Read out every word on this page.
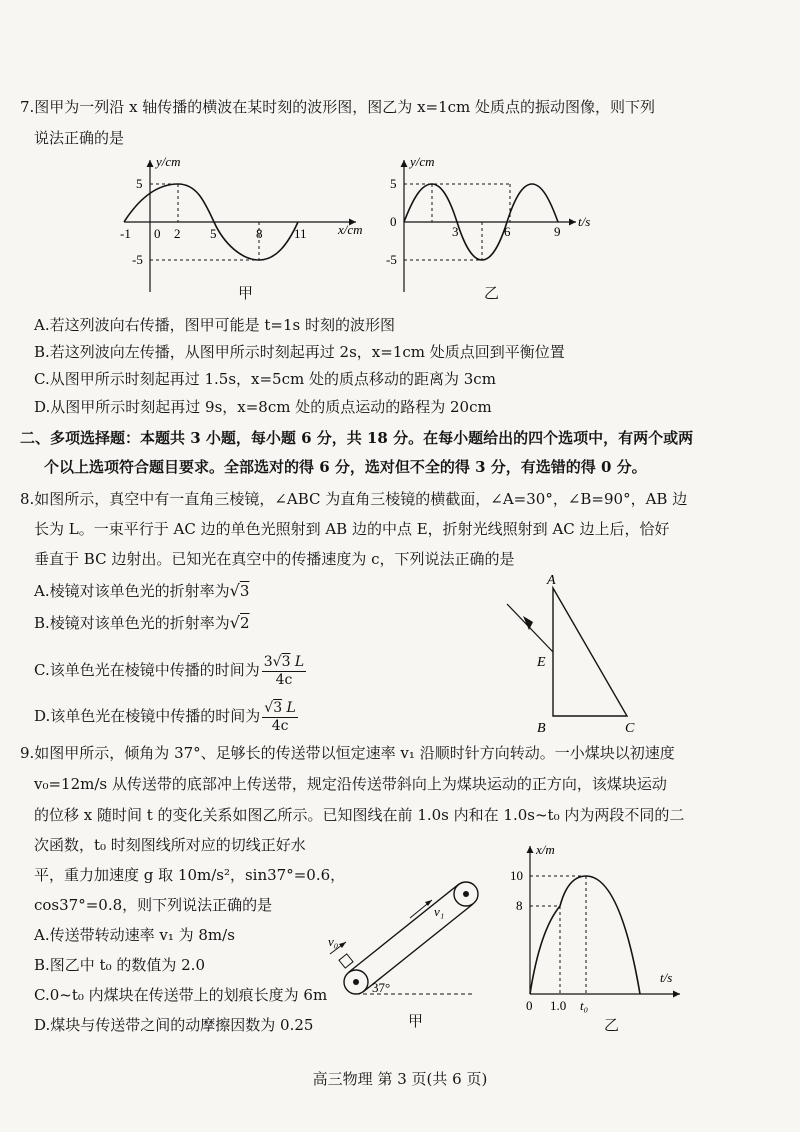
7.图甲为一列沿 x 轴传播的横波在某时刻的波形图，图乙为 x=1cm 处质点的振动图像，则下列
说法正确的是
y/cm
x/cm
5
-5
-1 0 2 5	8 11
甲
y/cm
t/s
5
-5
0
3	6	9
乙
A.若这列波向右传播，图甲可能是 t=1s 时刻的波形图
B.若这列波向左传播，从图甲所示时刻起再过 2s，x=1cm 处质点回到平衡位置
C.从图甲所示时刻起再过 1.5s，x=5cm 处的质点移动的距离为 3cm
D.从图甲所示时刻起再过 9s，x=8cm 处的质点运动的路程为 20cm
二、多项选择题：本题共 3 小题，每小题 6 分，共 18 分。在每小题给出的四个选项中，有两个或两
个以上选项符合题目要求。全部选对的得 6 分，选对但不全的得 3 分，有选错的得 0 分。
8.如图所示，真空中有一直角三棱镜，∠ABC 为直角三棱镜的横截面，∠A=30°，∠B=90°，AB 边
长为 L。一束平行于 AC 边的单色光照射到 AB 边的中点 E，折射光线照射到 AC 边上后，恰好
垂直于 BC 边射出。已知光在真空中的传播速度为 c，下列说法正确的是
A.棱镜对该单色光的折射率为√3
B.棱镜对该单色光的折射率为√2
C.该单色光在棱镜中传播的时间为 $\frac{3√3 L}{4c}$
D.该单色光在棱镜中传播的时间为 $\frac{√3 L}{4c}$
A
E
B	C
9.如图甲所示，倾角为 37°、足够长的传送带以恒定速率 v₁ 沿顺时针方向转动。一小煤块以初速度
v₀=12m/s 从传送带的底部冲上传送带，规定沿传送带斜向上为煤块运动的正方向，该煤块运动
的位移 x 随时间 t 的变化关系如图乙所示。已知图线在前 1.0s 内和在 1.0s~t₀ 内为两段不同的二
次函数，t₀ 时刻图线所对应的切线正好水
平，重力加速度 g 取 10m/s²，sin37°=0.6，
cos37°=0.8，则下列说法正确的是
A.传送带转动速率 v₁ 为 8m/s
B.图乙中 t₀ 的数值为 2.0
C.0~t₀ 内煤块在传送带上的划痕长度为 6m
D.煤块与传送带之间的动摩擦因数为 0.25
v₁
v₀
37°
甲
x/m
t/s
10
8
0 1.0 t₀
乙
高三物理 第 3 页(共 6 页)
